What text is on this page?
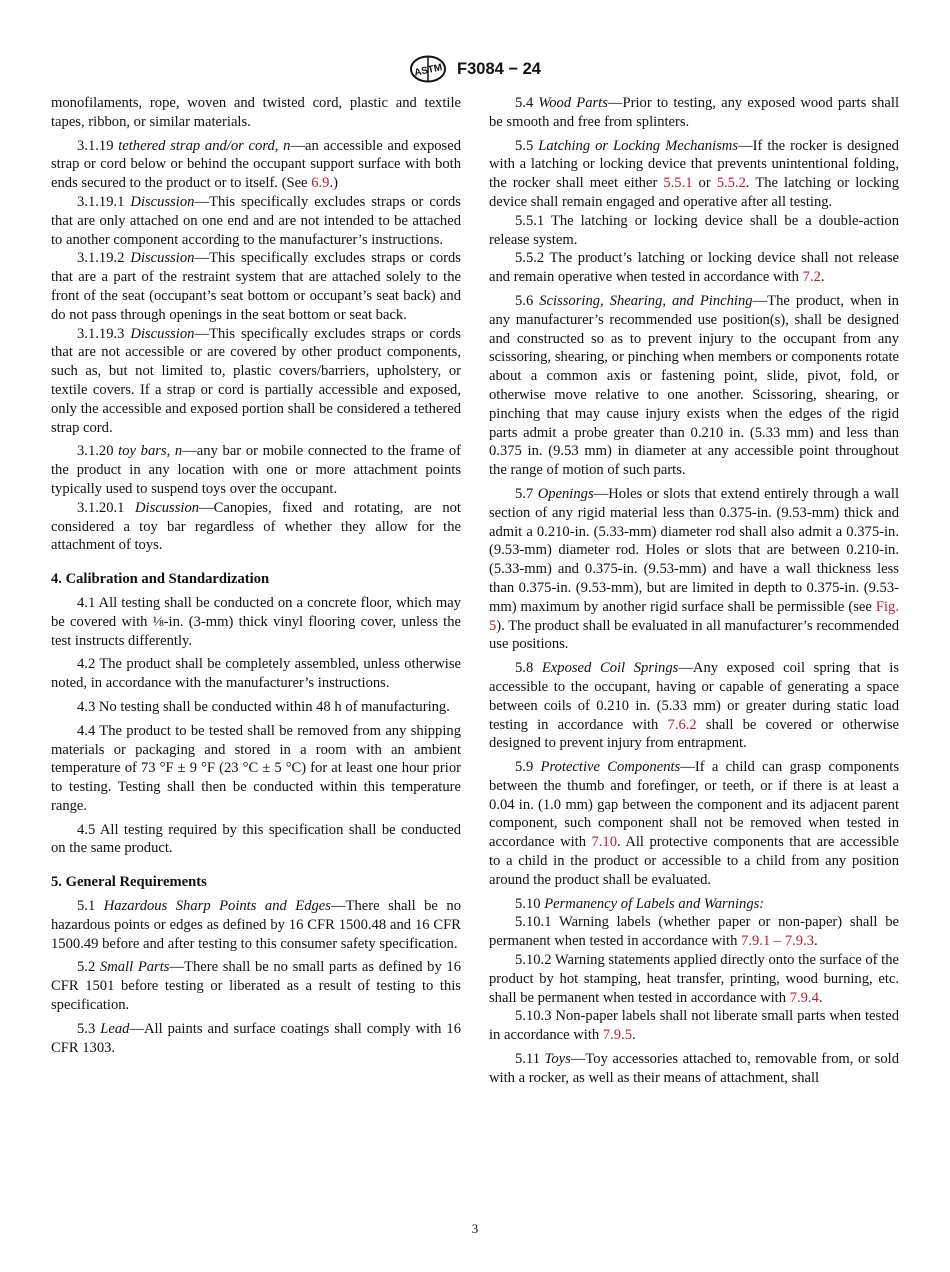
ASTM F3084 − 24

monofilaments, rope, woven and twisted cord, plastic and textile tapes, ribbon, or similar materials.

3.1.19 tethered strap and/or cord, n—an accessible and exposed strap or cord below or behind the occupant support surface with both ends secured to the product or to itself. (See 6.9.)

3.1.19.1 Discussion—This specifically excludes straps or cords that are only attached on one end and are not intended to be attached to another component according to the manufacturer’s instructions.

3.1.19.2 Discussion—This specifically excludes straps or cords that are a part of the restraint system that are attached solely to the front of the seat (occupant’s seat bottom or occupant’s seat back) and do not pass through openings in the seat bottom or seat back.

3.1.19.3 Discussion—This specifically excludes straps or cords that are not accessible or are covered by other product components, such as, but not limited to, plastic covers/barriers, upholstery, or textile covers. If a strap or cord is partially accessible and exposed, only the accessible and exposed portion shall be considered a tethered strap cord.

3.1.20 toy bars, n—any bar or mobile connected to the frame of the product in any location with one or more attachment points typically used to suspend toys over the occupant.

3.1.20.1 Discussion—Canopies, fixed and rotating, are not considered a toy bar regardless of whether they allow for the attachment of toys.

4. Calibration and Standardization

4.1 All testing shall be conducted on a concrete floor, which may be covered with ⅛-in. (3-mm) thick vinyl flooring cover, unless the test instructs differently.

4.2 The product shall be completely assembled, unless otherwise noted, in accordance with the manufacturer’s instructions.

4.3 No testing shall be conducted within 48 h of manufacturing.

4.4 The product to be tested shall be removed from any shipping materials or packaging and stored in a room with an ambient temperature of 73 °F ± 9 °F (23 °C ± 5 °C) for at least one hour prior to testing. Testing shall then be conducted within this temperature range.

4.5 All testing required by this specification shall be conducted on the same product.

5. General Requirements

5.1 Hazardous Sharp Points and Edges—There shall be no hazardous points or edges as defined by 16 CFR 1500.48 and 16 CFR 1500.49 before and after testing to this consumer safety specification.

5.2 Small Parts—There shall be no small parts as defined by 16 CFR 1501 before testing or liberated as a result of testing to this specification.

5.3 Lead—All paints and surface coatings shall comply with 16 CFR 1303.

5.4 Wood Parts—Prior to testing, any exposed wood parts shall be smooth and free from splinters.

5.5 Latching or Locking Mechanisms—If the rocker is designed with a latching or locking device that prevents unintentional folding, the rocker shall meet either 5.5.1 or 5.5.2. The latching or locking device shall remain engaged and operative after all testing.

5.5.1 The latching or locking device shall be a double-action release system.

5.5.2 The product’s latching or locking device shall not release and remain operative when tested in accordance with 7.2.

5.6 Scissoring, Shearing, and Pinching—The product, when in any manufacturer’s recommended use position(s), shall be designed and constructed so as to prevent injury to the occupant from any scissoring, shearing, or pinching when members or components rotate about a common axis or fastening point, slide, pivot, fold, or otherwise move relative to one another. Scissoring, shearing, or pinching that may cause injury exists when the edges of the rigid parts admit a probe greater than 0.210 in. (5.33 mm) and less than 0.375 in. (9.53 mm) in diameter at any accessible point throughout the range of motion of such parts.

5.7 Openings—Holes or slots that extend entirely through a wall section of any rigid material less than 0.375-in. (9.53-mm) thick and admit a 0.210-in. (5.33-mm) diameter rod shall also admit a 0.375-in. (9.53-mm) diameter rod. Holes or slots that are between 0.210-in. (5.33-mm) and 0.375-in. (9.53-mm) and have a wall thickness less than 0.375-in. (9.53-mm), but are limited in depth to 0.375-in. (9.53-mm) maximum by another rigid surface shall be permissible (see Fig. 5). The product shall be evaluated in all manufacturer’s recommended use positions.

5.8 Exposed Coil Springs—Any exposed coil spring that is accessible to the occupant, having or capable of generating a space between coils of 0.210 in. (5.33 mm) or greater during static load testing in accordance with 7.6.2 shall be covered or otherwise designed to prevent injury from entrapment.

5.9 Protective Components—If a child can grasp components between the thumb and forefinger, or teeth, or if there is at least a 0.04 in. (1.0 mm) gap between the component and its adjacent parent component, such component shall not be removed when tested in accordance with 7.10. All protective components that are accessible to a child in the product or accessible to a child from any position around the product shall be evaluated.

5.10 Permanency of Labels and Warnings:

5.10.1 Warning labels (whether paper or non-paper) shall be permanent when tested in accordance with 7.9.1 – 7.9.3.

5.10.2 Warning statements applied directly onto the surface of the product by hot stamping, heat transfer, printing, wood burning, etc. shall be permanent when tested in accordance with 7.9.4.

5.10.3 Non-paper labels shall not liberate small parts when tested in accordance with 7.9.5.

5.11 Toys—Toy accessories attached to, removable from, or sold with a rocker, as well as their means of attachment, shall

3
